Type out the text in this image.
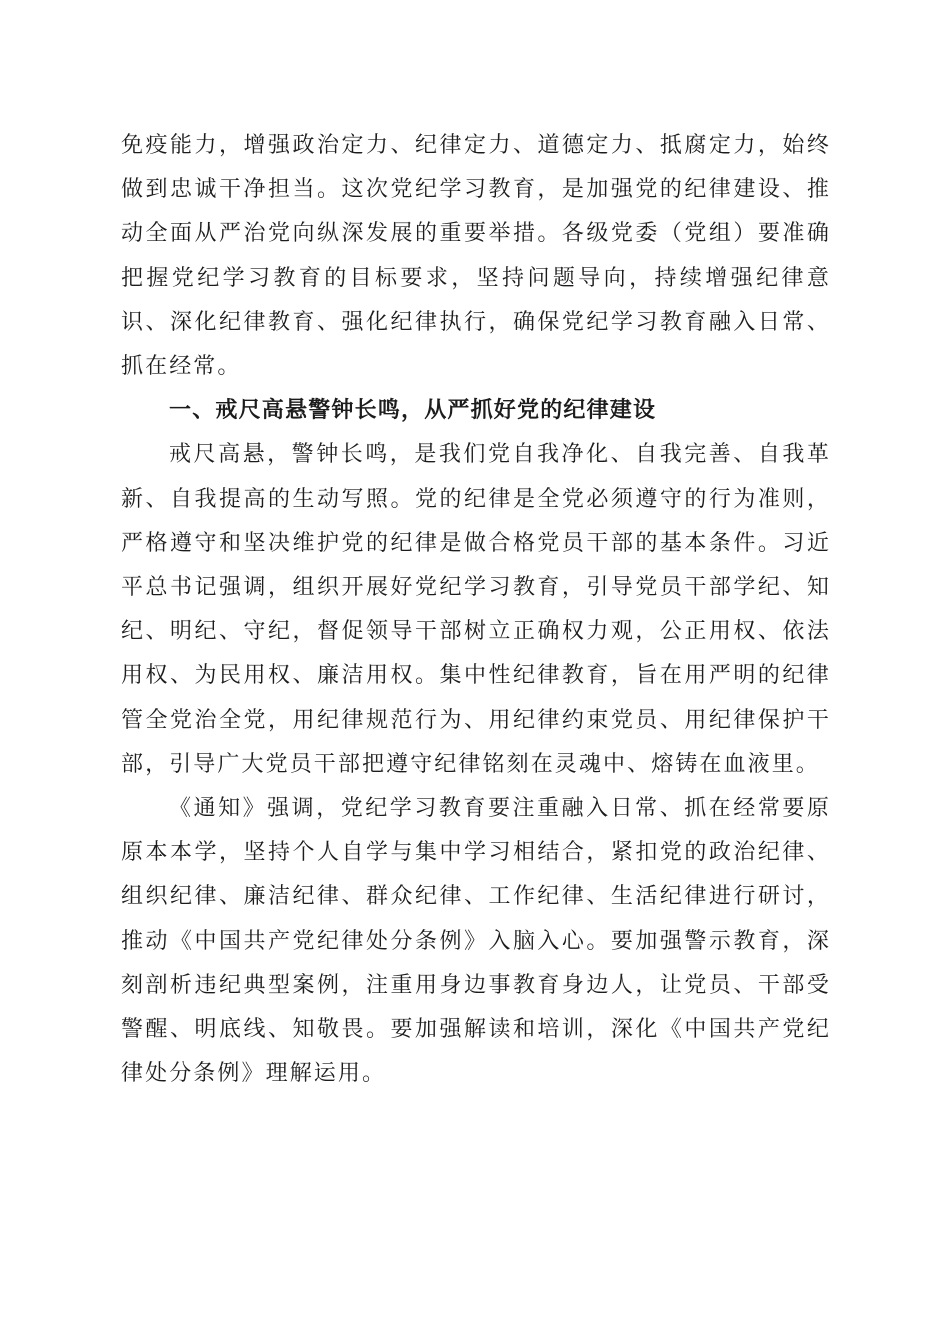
免疫能力，增强政治定力、纪律定力、道德定力、抵腐定力，始终做到忠诚干净担当。这次党纪学习教育，是加强党的纪律建设、推动全面从严治党向纵深发展的重要举措。各级党委（党组）要准确把握党纪学习教育的目标要求，坚持问题导向，持续增强纪律意识、深化纪律教育、强化纪律执行，确保党纪学习教育融入日常、抓在经常。

一、戒尺高悬警钟长鸣，从严抓好党的纪律建设

戒尺高悬，警钟长鸣，是我们党自我净化、自我完善、自我革新、自我提高的生动写照。党的纪律是全党必须遵守的行为准则，严格遵守和坚决维护党的纪律是做合格党员干部的基本条件。习近平总书记强调，组织开展好党纪学习教育，引导党员干部学纪、知纪、明纪、守纪，督促领导干部树立正确权力观，公正用权、依法用权、为民用权、廉洁用权。集中性纪律教育，旨在用严明的纪律管全党治全党，用纪律规范行为、用纪律约束党员、用纪律保护干部，引导广大党员干部把遵守纪律铭刻在灵魂中、熔铸在血液里。

《通知》强调，党纪学习教育要注重融入日常、抓在经常要原原本本学，坚持个人自学与集中学习相结合，紧扣党的政治纪律、组织纪律、廉洁纪律、群众纪律、工作纪律、生活纪律进行研讨，推动《中国共产党纪律处分条例》入脑入心。要加强警示教育，深刻剖析违纪典型案例，注重用身边事教育身边人，让党员、干部受警醒、明底线、知敬畏。要加强解读和培训，深化《中国共产党纪律处分条例》理解运用。
